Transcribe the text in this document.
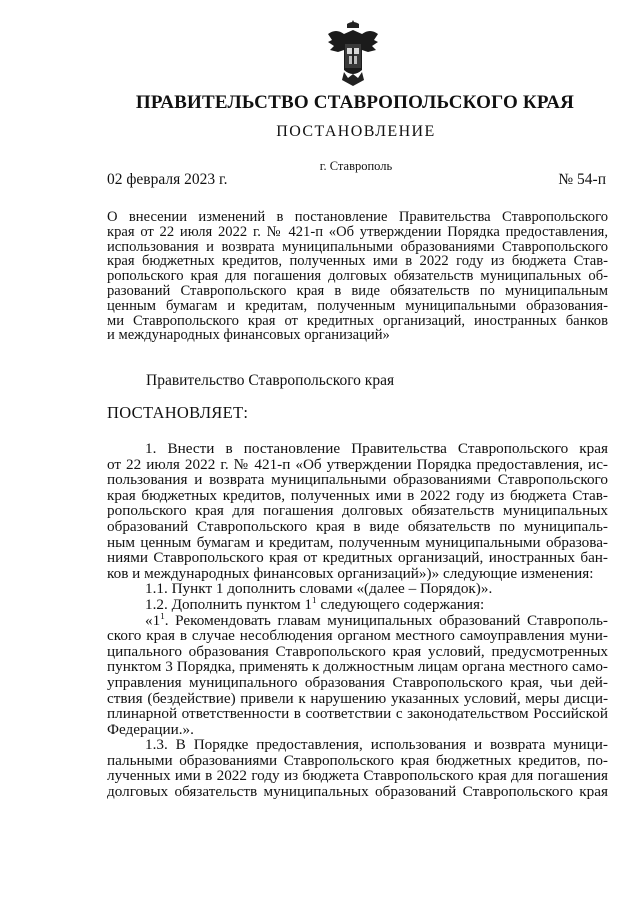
ПРАВИТЕЛЬСТВО СТАВРОПОЛЬСКОГО КРАЯ
ПОСТАНОВЛЕНИЕ
г. Ставрополь
02 февраля 2023 г.	№ 54-п
О внесении изменений в постановление Правительства Ставропольского
края от 22 июля 2022 г. № 421-п «Об утверждении Порядка предоставления,
использования и возврата муниципальными образованиями Ставропольского
края бюджетных кредитов, полученных ими в 2022 году из бюджета Став-
ропольского края для погашения долговых обязательств муниципальных об-
разований Ставропольского края в виде обязательств по муниципальным
ценным бумагам и кредитам, полученным муниципальными образования-
ми Ставропольского края от кредитных организаций, иностранных банков
и международных финансовых организаций»
Правительство Ставропольского края
ПОСТАНОВЛЯЕТ:
1. Внести в постановление Правительства Ставропольского края
от 22 июля 2022 г. № 421-п «Об утверждении Порядка предоставления, ис-
пользования и возврата муниципальными образованиями Ставропольского
края бюджетных кредитов, полученных ими в 2022 году из бюджета Став-
ропольского края для погашения долговых обязательств муниципальных
образований Ставропольского края в виде обязательств по муниципаль-
ным ценным бумагам и кредитам, полученным муниципальными образова-
ниями Ставропольского края от кредитных организаций, иностранных бан-
ков и международных финансовых организаций»)» следующие изменения:
1.1. Пункт 1 дополнить словами «(далее – Порядок)».
1.2. Дополнить пунктом $1^1$ следующего содержания:
«$1^1$. Рекомендовать главам муниципальных образований Ставрополь-
ского края в случае несоблюдения органом местного самоуправления муни-
ципального образования Ставропольского края условий, предусмотренных
пунктом 3 Порядка, применять к должностным лицам органа местного само-
управления муниципального образования Ставропольского края, чьи дей-
ствия (бездействие) привели к нарушению указанных условий, меры дисци-
плинарной ответственности в соответствии с законодательством Российской
Федерации.».
1.3. В Порядке предоставления, использования и возврата муници-
пальными образованиями Ставропольского края бюджетных кредитов, по-
лученных ими в 2022 году из бюджета Ставропольского края для погашения
долговых обязательств муниципальных образований Ставропольского края
